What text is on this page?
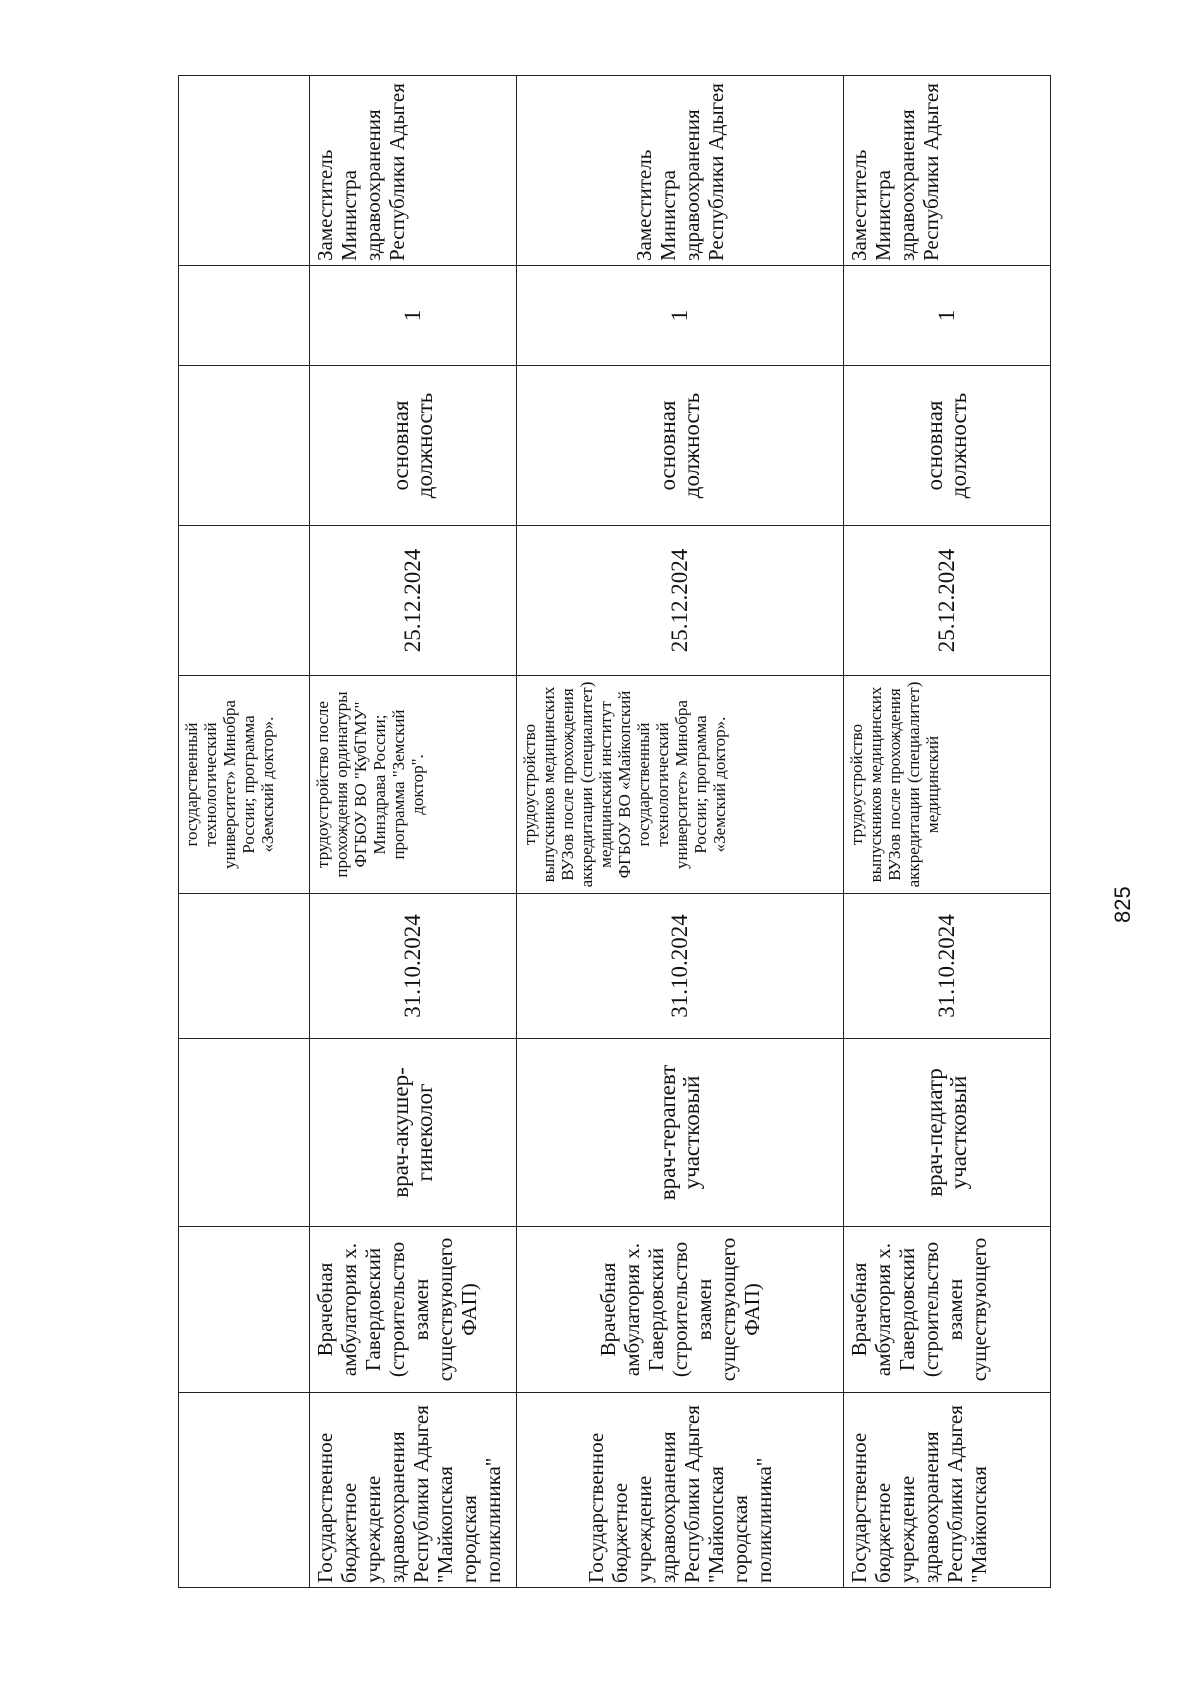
				государственный технологический университет» Минобра России; программа «Земский доктор».				
Государственное бюджетное учреждение здравоохранения Республики Адыгея "Майкопская городская поликлиника"	Врачебная амбулатория х. Гавердовский (строительство взамен существующего ФАП)	врач-акушер-гинеколог	31.10.2024	трудоустройство после прохождения ординатуры ФГБОУ ВО "КубГМУ" Минздрава России; программа "Земский доктор".	25.12.2024	основная должность	1	Заместитель Министра здравоохранения Республики Адыгея
Государственное бюджетное учреждение здравоохранения Республики Адыгея "Майкопская городская поликлиника"	Врачебная амбулатория х. Гавердовский (строительство взамен существующего ФАП)	врач-терапевт участковый	31.10.2024	трудоустройство выпускников медицинских ВУЗов после прохождения аккредитации (специалитет) медицинский институт ФГБОУ ВО «Майкопский государственный технологический университет» Минобра России; программа «Земский доктор».	25.12.2024	основная должность	1	Заместитель Министра здравоохранения Республики Адыгея
Государственное бюджетное учреждение здравоохранения Республики Адыгея "Майкопская	Врачебная амбулатория х. Гавердовский (строительство взамен существующего	врач-педиатр участковый	31.10.2024	трудоустройство выпускников медицинских ВУЗов после прохождения аккредитации (специалитет) медицинский	25.12.2024	основная должность	1	Заместитель Министра здравоохранения Республики Адыгея
825
